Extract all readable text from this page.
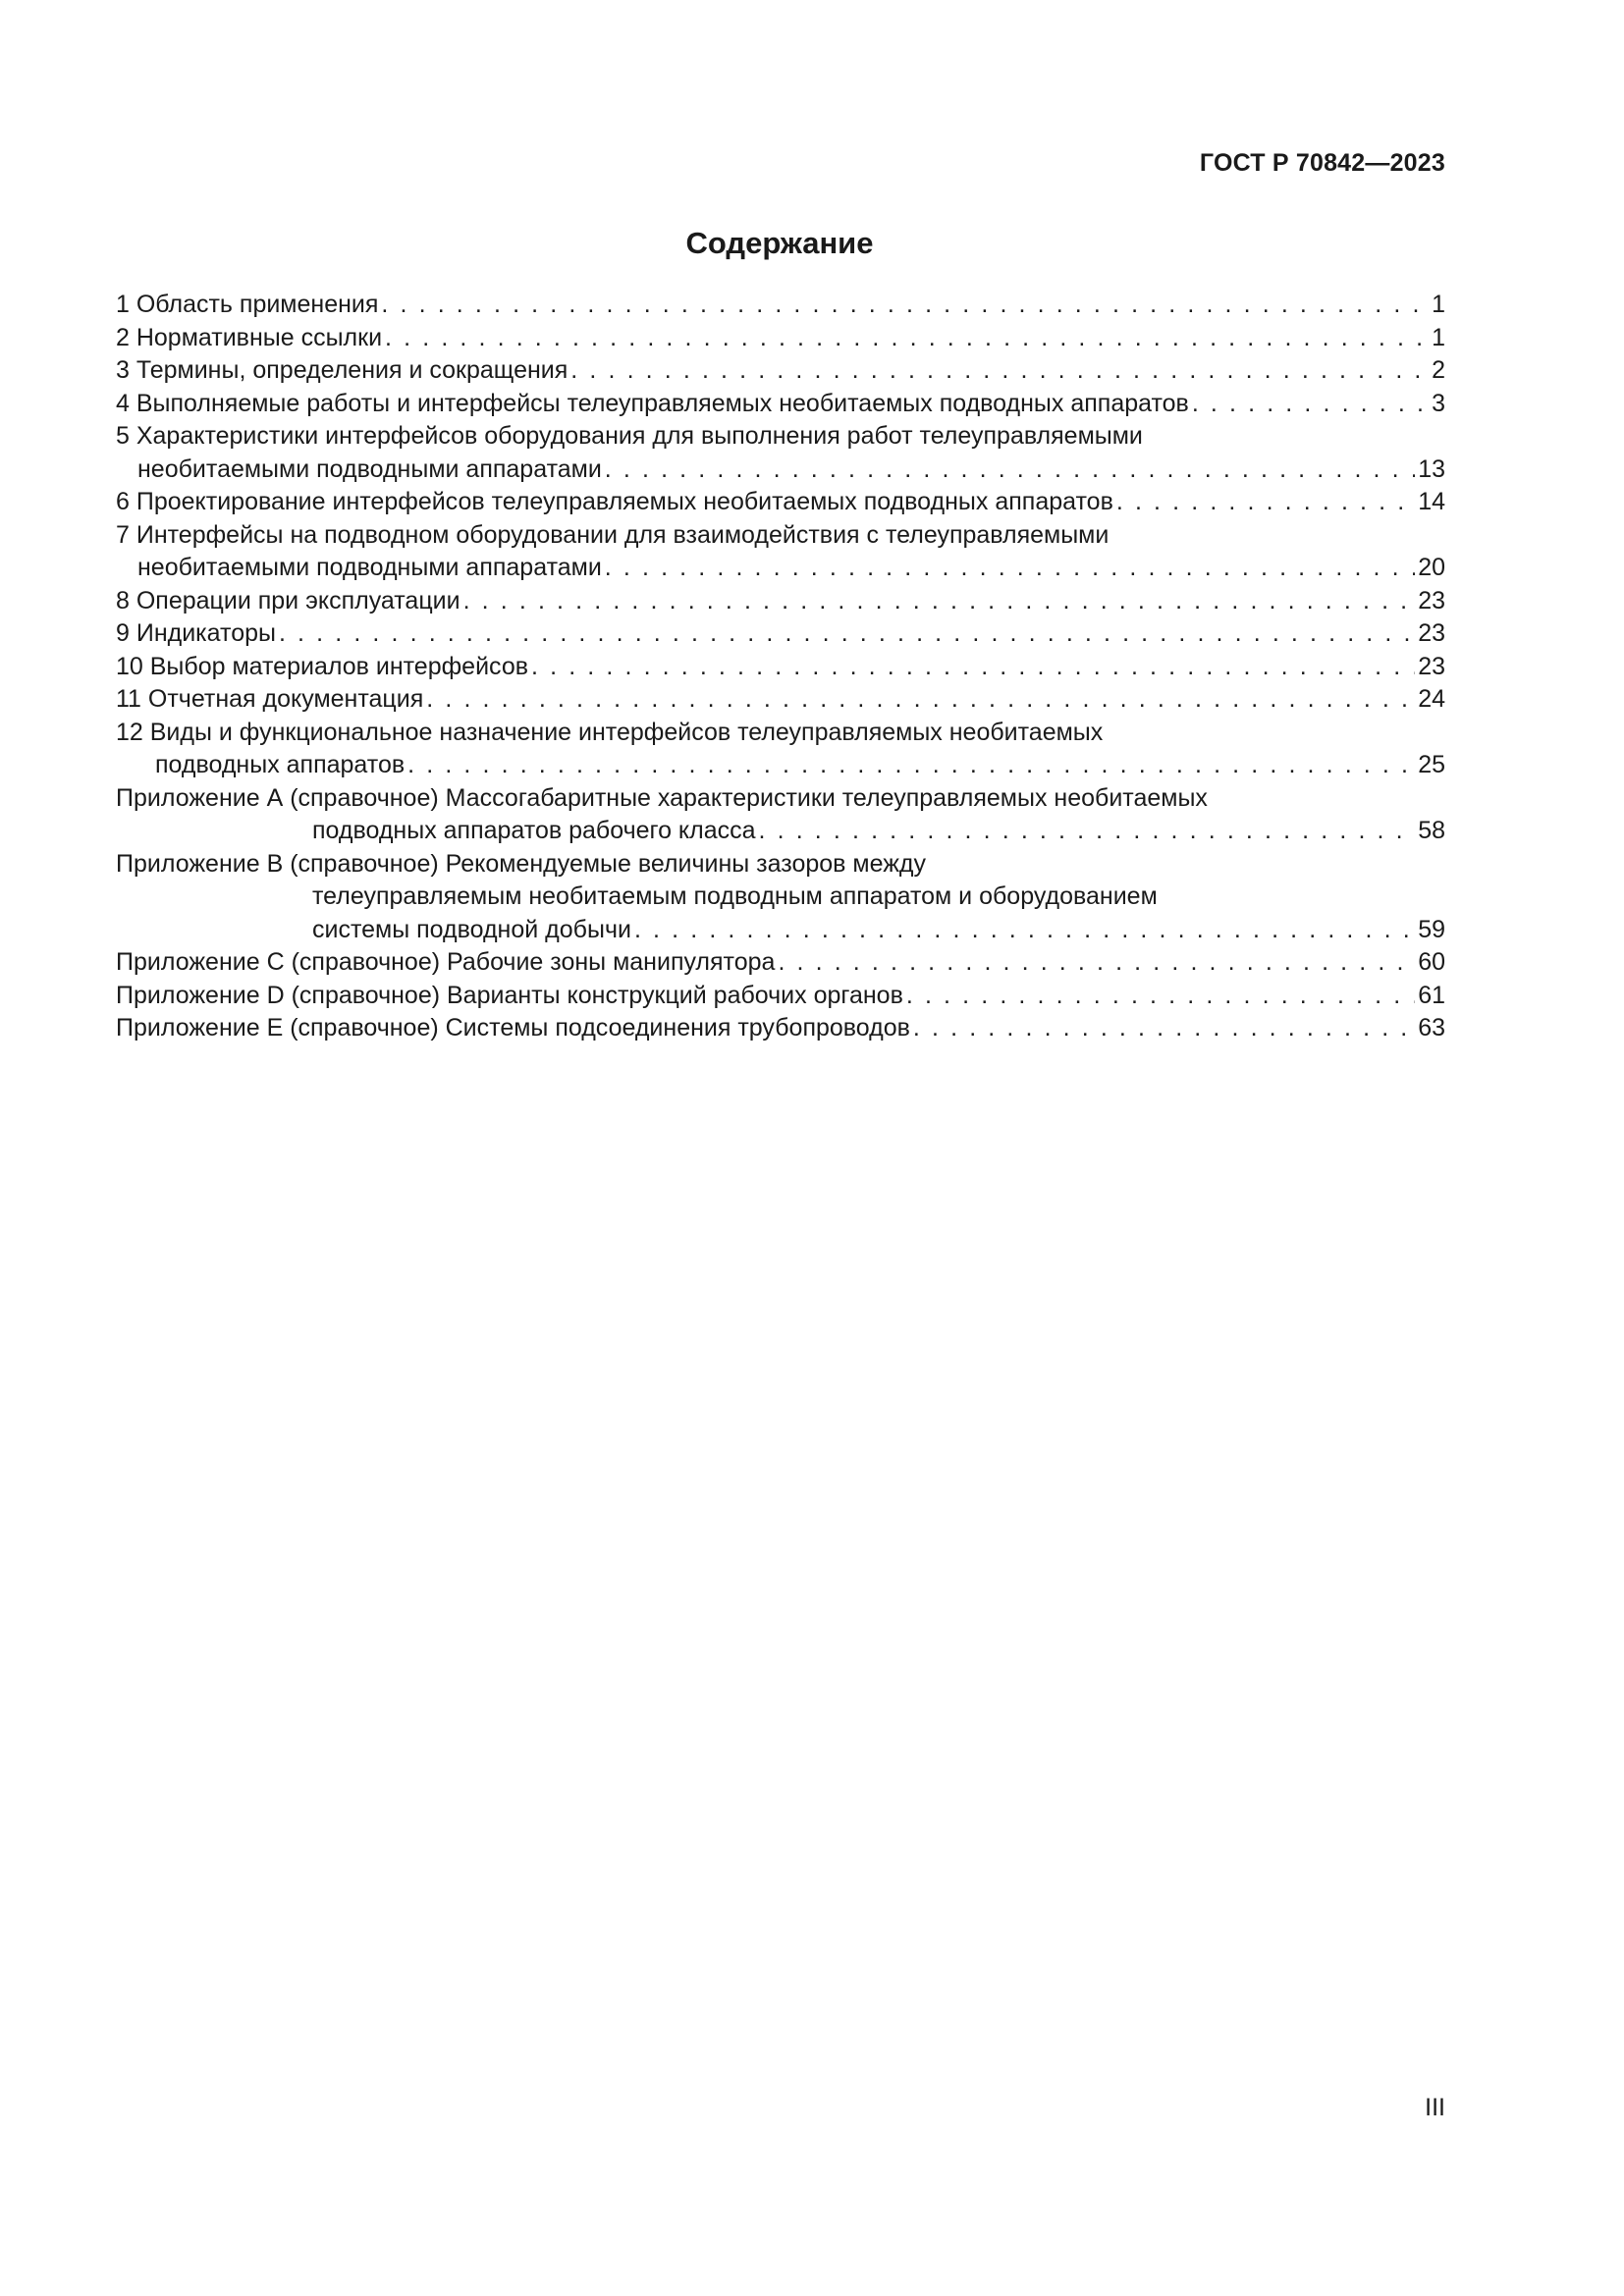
ГОСТ Р 70842—2023
Содержание
1 Область применения . . .	1
2 Нормативные ссылки . . .	1
3 Термины, определения и сокращения . . .	2
4 Выполняемые работы и интерфейсы телеуправляемых необитаемых подводных аппаратов . . .	3
5 Характеристики интерфейсов оборудования для выполнения работ телеуправляемыми
необитаемыми подводными аппаратами . . .	13
6 Проектирование интерфейсов телеуправляемых необитаемых подводных аппаратов . . .	14
7 Интерфейсы на подводном оборудовании для взаимодействия с телеуправляемыми
необитаемыми подводными аппаратами . . .	20
8 Операции при эксплуатации . . .	23
9 Индикаторы . . .	23
10 Выбор материалов интерфейсов . . .	23
11 Отчетная документация . . .	24
12 Виды и функциональное назначение интерфейсов телеуправляемых необитаемых
подводных аппаратов . . .	25
Приложение А (справочное) Массогабаритные характеристики телеуправляемых необитаемых
подводных аппаратов рабочего класса . . .	58
Приложение В (справочное) Рекомендуемые величины зазоров между
телеуправляемым необитаемым подводным аппаратом и оборудованием
системы подводной добычи . . .	59
Приложение С (справочное) Рабочие зоны манипулятора . . .	60
Приложение D (справочное) Варианты конструкций рабочих органов . . .	61
Приложение Е (справочное) Системы подсоединения трубопроводов . . .	63
III
